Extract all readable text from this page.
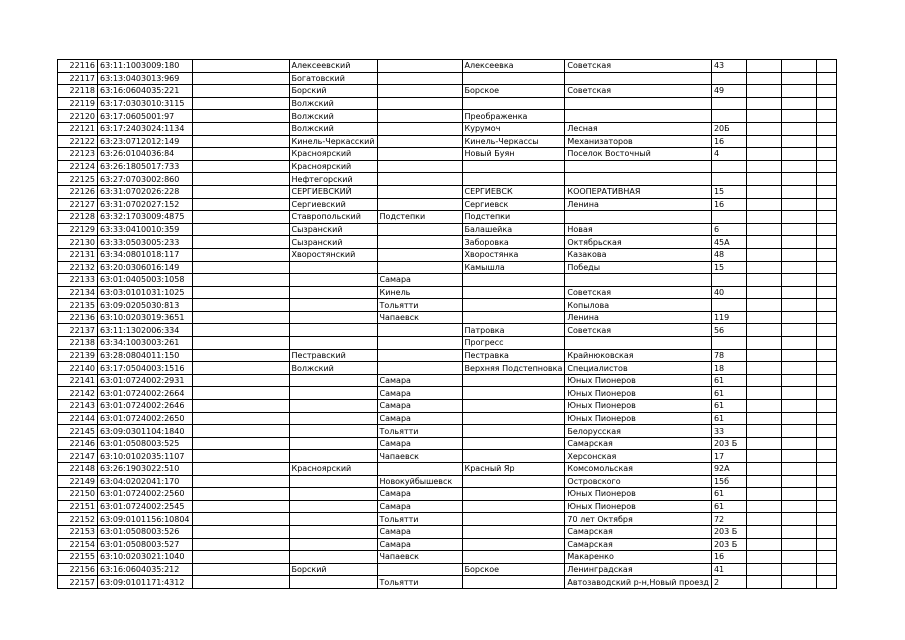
22116	63:11:1003009:180		Алексеевский		Алексеевка	Советская	43			
22117	63:13:0403013:969		Богатовский							
22118	63:16:0604035:221		Борский		Борское	Советская	49			
22119	63:17:0303010:3115		Волжский							
22120	63:17:0605001:97		Волжский		Преображенка					
22121	63:17:2403024:1134		Волжский		Курумоч	Лесная	20Б			
22122	63:23:0712012:149		Кинель-Черкасский		Кинель-Черкассы	Механизаторов	16			
22123	63:26:0104036:84		Красноярский		Новый Буян	Поселок Восточный	4			
22124	63:26:1805017:733		Красноярский							
22125	63:27:0703002:860		Нефтегорский							
22126	63:31:0702026:228		СЕРГИЕВСКИЙ		СЕРГИЕВСК	КООПЕРАТИВНАЯ	15			
22127	63:31:0702027:152		Сергиевский		Сергиевск	Ленина	16			
22128	63:32:1703009:4875		Ставропольский	Подстепки	Подстепки					
22129	63:33:0410010:359		Сызранский		Балашейка	Новая	6			
22130	63:33:0503005:233		Сызранский		Заборовка	Октябрьская	45А			
22131	63:34:0801018:117		Хворостянский		Хворостянка	Казакова	48			
22132	63:20:0306016:149				Камышла	Победы	15			
22133	63:01:0405003:1058			Самара						
22134	63:03:0101031:1025			Кинель		Советская	40			
22135	63:09:0205030:813			Тольятти		Копылова				
22136	63:10:0203019:3651			Чапаевск		Ленина	119			
22137	63:11:1302006:334				Патровка	Советская	56			
22138	63:34:1003003:261				Прогресс					
22139	63:28:0804011:150		Пестравский		Пестравка	Крайнюковская	78			
22140	63:17:0504003:1516		Волжский		Верхняя Подстепновка	Специалистов	18			
22141	63:01:0724002:2931			Самара		Юных Пионеров	61			
22142	63:01:0724002:2664			Самара		Юных Пионеров	61			
22143	63:01:0724002:2646			Самара		Юных Пионеров	61			
22144	63:01:0724002:2650			Самара		Юных Пионеров	61			
22145	63:09:0301104:1840			Тольятти		Белорусская	33			
22146	63:01:0508003:525			Самара		Самарская	203 Б			
22147	63:10:0102035:1107			Чапаевск		Херсонская	17			
22148	63:26:1903022:510		Красноярский		Красный Яр	Комсомольская	92А			
22149	63:04:0202041:170			Новокуйбышевск		Островского	15б			
22150	63:01:0724002:2560			Самара		Юных Пионеров	61			
22151	63:01:0724002:2545			Самара		Юных Пионеров	61			
22152	63:09:0101156:10804			Тольятти		70 лет Октября	72			
22153	63:01:0508003:526			Самара		Самарская	203 Б			
22154	63:01:0508003:527			Самара		Самарская	203 Б			
22155	63:10:0203021:1040			Чапаевск		Макаренко	16			
22156	63:16:0604035:212		Борский		Борское	Ленинградская	41			
22157	63:09:0101171:4312			Тольятти		Автозаводский р-н,Новый проезд	2			
